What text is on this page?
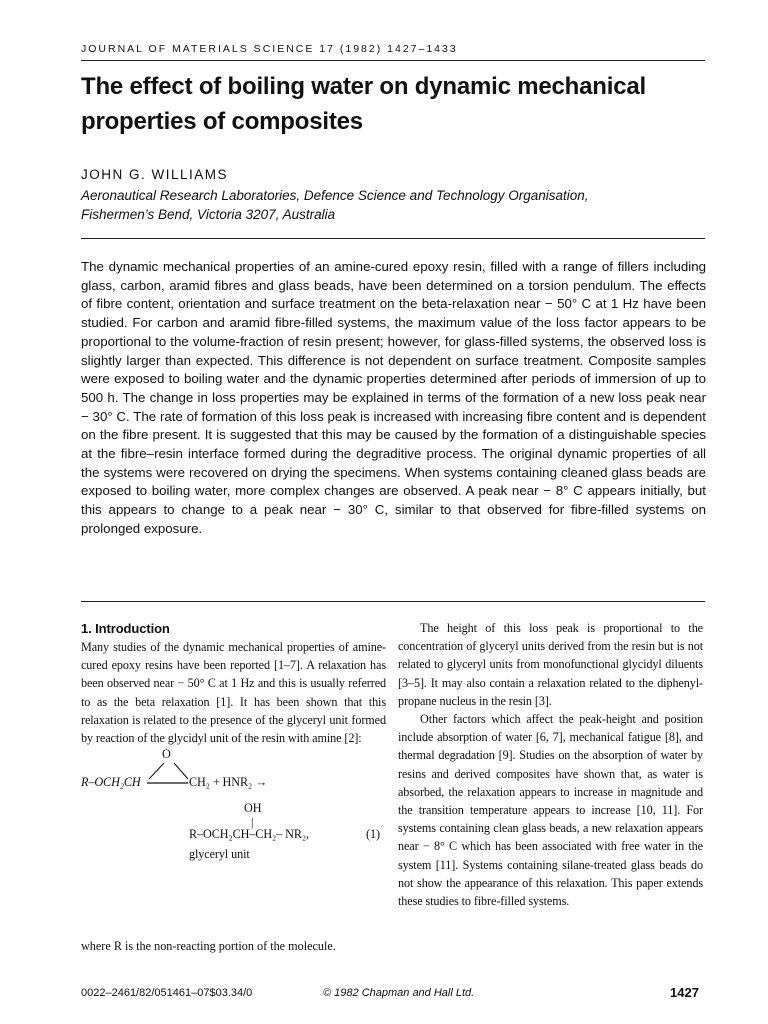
JOURNAL OF MATERIALS SCIENCE 17 (1982) 1427–1433
The effect of boiling water on dynamic mechanical properties of composites
JOHN G. WILLIAMS
Aeronautical Research Laboratories, Defence Science and Technology Organisation,
Fishermen’s Bend, Victoria 3207, Australia

The dynamic mechanical properties of an amine-cured epoxy resin, filled with a range of fillers including glass, carbon, aramid fibres and glass beads, have been determined on a torsion pendulum. The effects of fibre content, orientation and surface treatment on the beta-relaxation near − 50° C at 1 Hz have been studied. For carbon and aramid fibre-filled systems, the maximum value of the loss factor appears to be proportional to the volume-fraction of resin present; however, for glass-filled systems, the observed loss is slightly larger than expected. This difference is not dependent on surface treatment. Composite samples were exposed to boiling water and the dynamic properties determined after periods of immersion of up to 500 h. The change in loss properties may be explained in terms of the formation of a new loss peak near − 30° C. The rate of formation of this loss peak is increased with increasing fibre content and is dependent on the fibre present. It is suggested that this may be caused by the formation of a distinguishable species at the fibre–resin interface formed during the degraditive process. The original dynamic properties of all the systems were recovered on drying the specimens. When systems containing cleaned glass beads are exposed to boiling water, more complex changes are observed. A peak near − 8° C appears initially, but this appears to change to a peak near − 30° C, similar to that observed for fibre-filled systems on prolonged exposure.

1. Introduction

Many studies of the dynamic mechanical properties of amine-cured epoxy resins have been reported [1–7]. A relaxation has been observed near − 50° C at 1 Hz and this is usually referred to as the beta relaxation [1]. It has been shown that this relaxation is related to the presence of the glyceryl unit formed by reaction of the glycidyl unit of the resin with amine [2]:

O
R–OCH₂CH	CH₂ + HNR₂ →
OH
|
R–OCH₂CH–CH₂– NR₂,	(1)
glyceryl unit

where R is the non-reacting portion of the molecule.

The height of this loss peak is proportional to the concentration of glyceryl units derived from the resin but is not related to glyceryl units from monofunctional glycidyl diluents [3–5]. It may also contain a relaxation related to the diphenyl-propane nucleus in the resin [3].

Other factors which affect the peak-height and position include absorption of water [6, 7], mechanical fatigue [8], and thermal degradation [9]. Studies on the absorption of water by resins and derived composites have shown that, as water is absorbed, the relaxation appears to increase in magnitude and the transition temperature appears to increase [10, 11]. For systems containing clean glass beads, a new relaxation appears near − 8° C which has been associated with free water in the system [11]. Systems containing silane-treated glass beads do not show the appearance of this relaxation. This paper extends these studies to fibre-filled systems.

0022–2461/82/051461–07$03.34/0	© 1982 Chapman and Hall Ltd.	1427
